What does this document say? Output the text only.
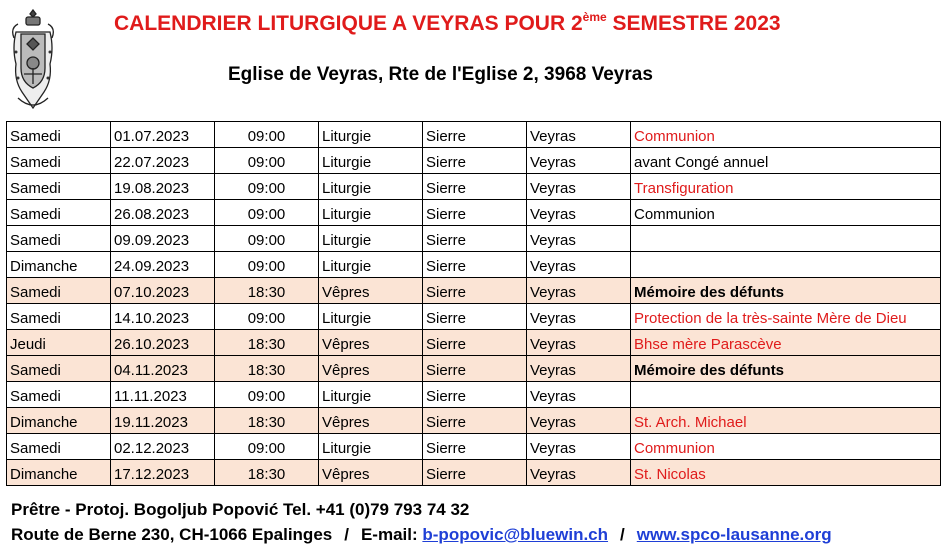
CALENDRIER LITURGIQUE A VEYRAS POUR 2ème SEMESTRE 2023
Eglise de Veyras, Rte de l'Eglise 2, 3968 Veyras
Samedi	01.07.2023	09:00	Liturgie	Sierre	Veyras	Communion
Samedi	22.07.2023	09:00	Liturgie	Sierre	Veyras	avant Congé annuel
Samedi	19.08.2023	09:00	Liturgie	Sierre	Veyras	Transfiguration
Samedi	26.08.2023	09:00	Liturgie	Sierre	Veyras	Communion
Samedi	09.09.2023	09:00	Liturgie	Sierre	Veyras	
Dimanche	24.09.2023	09:00	Liturgie	Sierre	Veyras	
Samedi	07.10.2023	18:30	Vêpres	Sierre	Veyras	Mémoire des défunts
Samedi	14.10.2023	09:00	Liturgie	Sierre	Veyras	Protection de la très-sainte Mère de Dieu
Jeudi	26.10.2023	18:30	Vêpres	Sierre	Veyras	Bhse mère Parascève
Samedi	04.11.2023	18:30	Vêpres	Sierre	Veyras	Mémoire des défunts
Samedi	11.11.2023	09:00	Liturgie	Sierre	Veyras	
Dimanche	19.11.2023	18:30	Vêpres	Sierre	Veyras	St. Arch. Michael
Samedi	02.12.2023	09:00	Liturgie	Sierre	Veyras	Communion
Dimanche	17.12.2023	18:30	Vêpres	Sierre	Veyras	St. Nicolas
Prêtre - Protoj. Bogoljub Popović Tel. +41 (0)79 793 74 32
Route de Berne 230, CH-1066 Epalinges / E-mail: b-popovic@bluewin.ch / www.spco-lausanne.org
